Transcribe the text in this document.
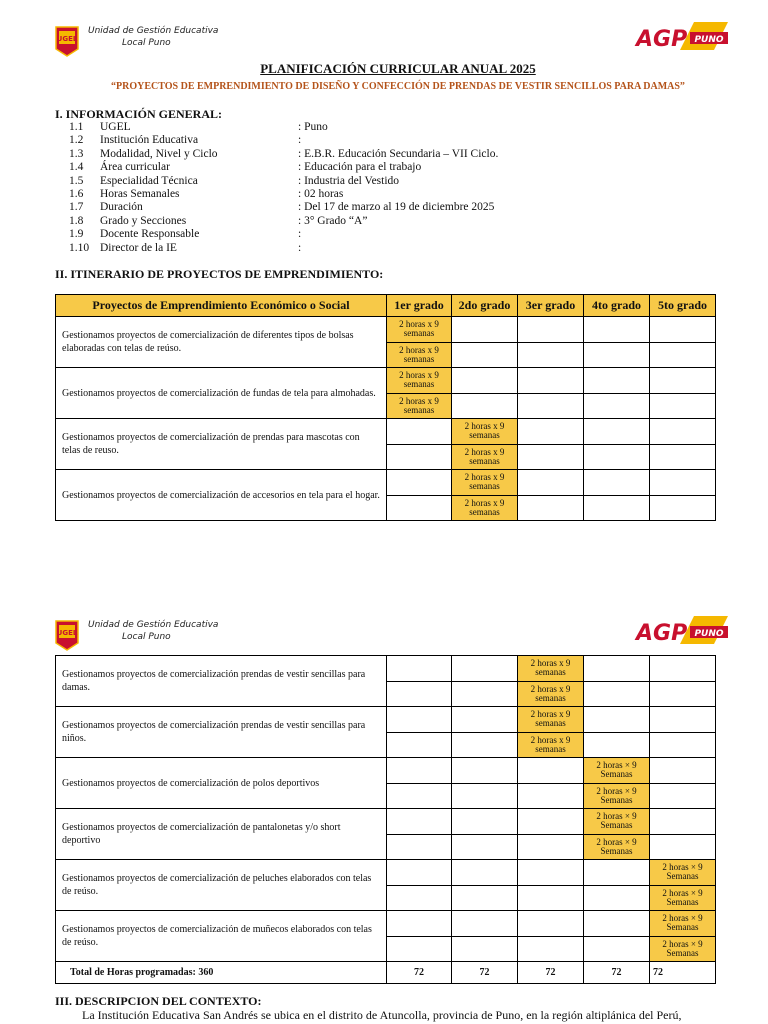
UGEL
Unidad de Gestión Educativa
Local Puno	AGP PUNO
PLANIFICACIÓN CURRICULAR ANUAL 2025
“PROYECTOS DE EMPRENDIMIENTO DE DISEÑO Y CONFECCIÓN DE PRENDAS DE VESTIR SENCILLOS PARA DAMAS”
I. INFORMACIÓN GENERAL:
1.1 UGEL	: Puno
1.2 Institución Educativa	:
1.3 Modalidad, Nivel y Ciclo	: E.B.R. Educación Secundaria – VII Ciclo.
1.4 Área curricular	: Educación para el trabajo
1.5 Especialidad Técnica	: Industria del Vestido
1.6 Horas Semanales	: 02 horas
1.7 Duración	: Del 17 de marzo al 19 de diciembre 2025
1.8 Grado y Secciones	: 3° Grado “A”
1.9 Docente Responsable	:
1.10 Director de la IE	:
II. ITINERARIO DE PROYECTOS DE EMPRENDIMIENTO:
Proyectos de Emprendimiento Económico o Social	1er grado	2do grado	3er grado	4to grado	5to grado
Gestionamos proyectos de comercialización de diferentes tipos de bolsas elaboradas con telas de reúso.	2 horas x 9
semanas				

	2 horas x 9
semanas				

Gestionamos proyectos de comercialización de fundas de tela para almohadas.	2 horas x 9
semanas				

	2 horas x 9
semanas				

Gestionamos proyectos de comercialización de prendas para mascotas con telas de reuso.		2 horas x 9
semanas			

		2 horas x 9
semanas			

Gestionamos proyectos de comercialización de accesorios en tela para el hogar.		2 horas x 9
semanas			

		2 horas x 9
semanas			

UGEL
Unidad de Gestión Educativa
Local Puno	AGP PUNO
Gestionamos proyectos de comercialización prendas de vestir sencillas para damas.			2 horas x 9
semanas		

			2 horas x 9
semanas		

Gestionamos proyectos de comercialización prendas de vestir sencillas para niños.			2 horas x 9
semanas		

			2 horas x 9
semanas		

Gestionamos proyectos de comercialización de polos deportivos				2 horas × 9
Semanas	

				2 horas × 9
Semanas	

Gestionamos proyectos de comercialización de pantalonetas y/o short deportivo				2 horas × 9
Semanas	

				2 horas × 9
Semanas	

Gestionamos proyectos de comercialización de peluches elaborados con telas de reúso.					2 horas × 9
Semanas

					2 horas × 9
Semanas

Gestionamos proyectos de comercialización de muñecos elaborados con telas de reúso.					2 horas × 9
Semanas

					2 horas × 9
Semanas

Total de Horas programadas: 360	72	72	72	72	72
III. DESCRIPCION DEL CONTEXTO:
La Institución Educativa San Andrés se ubica en el distrito de Atuncolla, provincia de Puno, en la región altiplánica del Perú,
